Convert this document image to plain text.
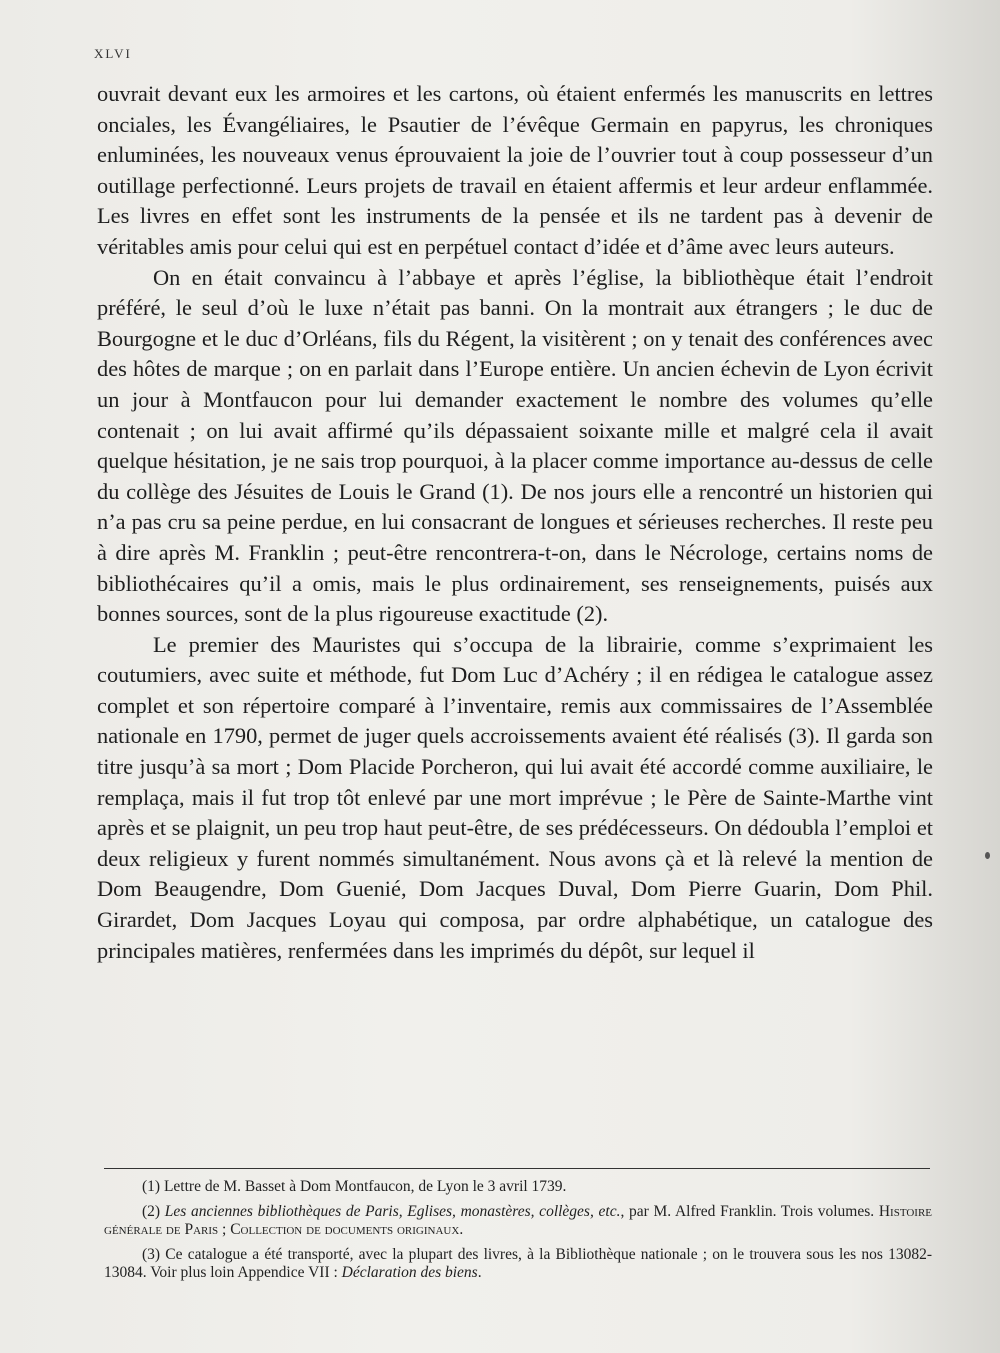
XLVI

ouvrait devant eux les armoires et les cartons, où étaient enfermés les manuscrits en lettres onciales, les Évangéliaires, le Psautier de l’évêque Germain en papyrus, les chroniques enluminées, les nouveaux venus éprouvaient la joie de l’ouvrier tout à coup possesseur d’un outillage perfectionné. Leurs projets de travail en étaient affermis et leur ardeur enflammée. Les livres en effet sont les instruments de la pensée et ils ne tardent pas à devenir de véritables amis pour celui qui est en perpétuel contact d’idée et d’âme avec leurs auteurs.

On en était convaincu à l’abbaye et après l’église, la bibliothèque était l’endroit préféré, le seul d’où le luxe n’était pas banni. On la montrait aux étrangers ; le duc de Bourgogne et le duc d’Orléans, fils du Régent, la visitèrent ; on y tenait des conférences avec des hôtes de marque ; on en parlait dans l’Europe entière. Un ancien échevin de Lyon écrivit un jour à Montfaucon pour lui demander exactement le nombre des volumes qu’elle contenait ; on lui avait affirmé qu’ils dépassaient soixante mille et malgré cela il avait quelque hésitation, je ne sais trop pourquoi, à la placer comme importance au-dessus de celle du collège des Jésuites de Louis le Grand (1). De nos jours elle a rencontré un historien qui n’a pas cru sa peine perdue, en lui consacrant de longues et sérieuses recherches. Il reste peu à dire après M. Franklin ; peut-être rencontrera-t-on, dans le Nécrologe, certains noms de bibliothécaires qu’il a omis, mais le plus ordinairement, ses renseignements, puisés aux bonnes sources, sont de la plus rigoureuse exactitude (2).

Le premier des Mauristes qui s’occupa de la librairie, comme s’exprimaient les coutumiers, avec suite et méthode, fut Dom Luc d’Achéry ; il en rédigea le catalogue assez complet et son répertoire comparé à l’inventaire, remis aux commissaires de l’Assemblée nationale en 1790, permet de juger quels accroissements avaient été réalisés (3). Il garda son titre jusqu’à sa mort ; Dom Placide Porcheron, qui lui avait été accordé comme auxiliaire, le remplaça, mais il fut trop tôt enlevé par une mort imprévue ; le Père de Sainte-Marthe vint après et se plaignit, un peu trop haut peut-être, de ses prédécesseurs. On dédoubla l’emploi et deux religieux y furent nommés simultanément. Nous avons çà et là relevé la mention de Dom Beaugendre, Dom Guenié, Dom Jacques Duval, Dom Pierre Guarin, Dom Phil. Girardet, Dom Jacques Loyau qui composa, par ordre alphabétique, un catalogue des principales matières, renfermées dans les imprimés du dépôt, sur lequel il

(1) Lettre de M. Basset à Dom Montfaucon, de Lyon le 3 avril 1739.

(2) Les anciennes bibliothèques de Paris, Eglises, monastères, collèges, etc., par M. Alfred Franklin. Trois volumes. Histoire générale de Paris ; Collection de documents originaux.

(3) Ce catalogue a été transporté, avec la plupart des livres, à la Bibliothèque nationale ; on le trouvera sous les nos 13082-13084. Voir plus loin Appendice VII : Déclaration des biens.
